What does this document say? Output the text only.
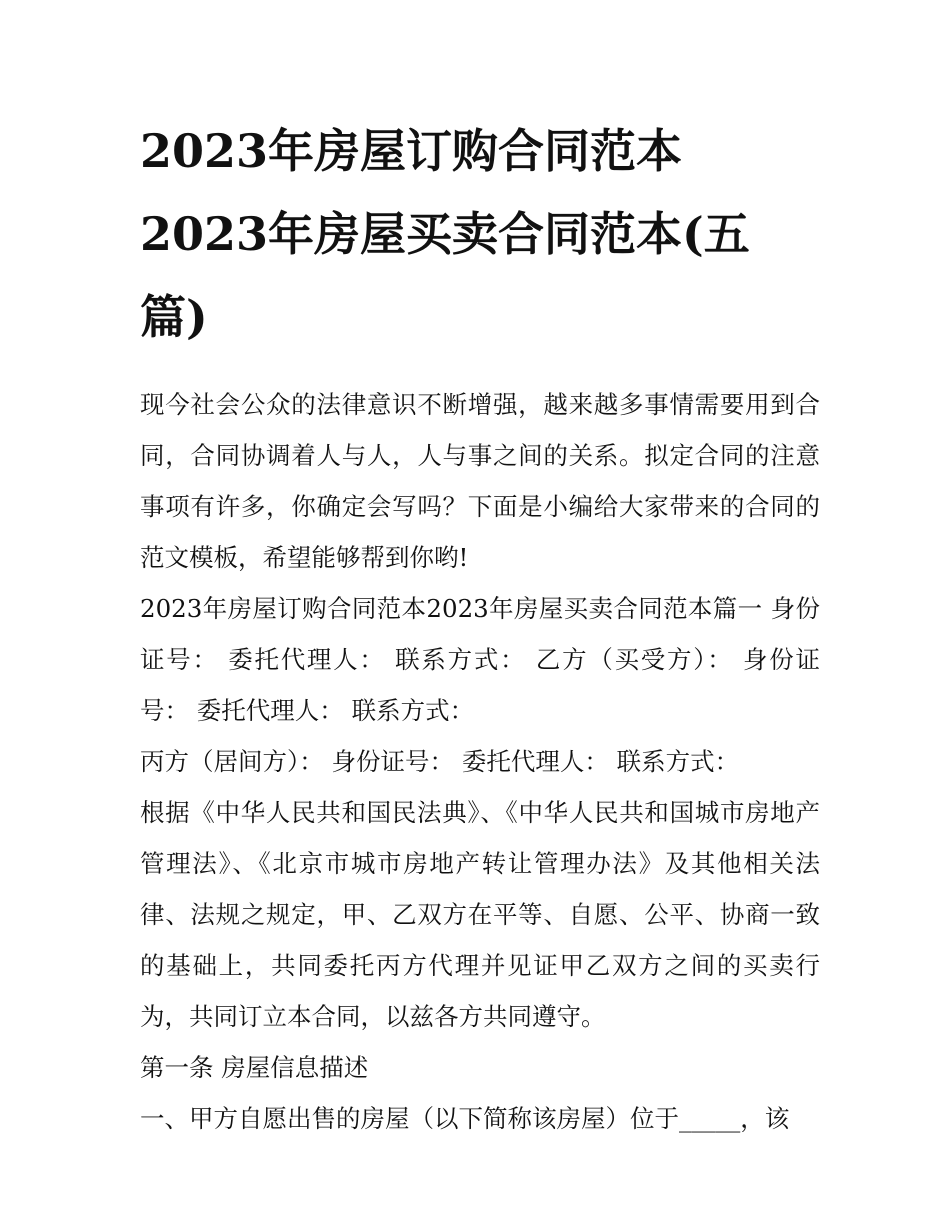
2023年房屋订购合同范本

2023年房屋买卖合同范本(五

篇)

现今社会公众的法律意识不断增强，越来越多事情需要用到合同，合同协调着人与人，人与事之间的关系。拟定合同的注意事项有许多，你确定会写吗？下面是小编给大家带来的合同的范文模板，希望能够帮到你哟!

2023年房屋订购合同范本2023年房屋买卖合同范本篇一 身份证号： 委托代理人： 联系方式： 乙方（买受方）： 身份证号： 委托代理人： 联系方式：

丙方（居间方）： 身份证号： 委托代理人： 联系方式：

根据《中华人民共和国民法典》、《中华人民共和国城市房地产管理法》、《北京市城市房地产转让管理办法》及其他相关法律、法规之规定，甲、乙双方在平等、自愿、公平、协商一致的基础上，共同委托丙方代理并见证甲乙双方之间的买卖行为，共同订立本合同，以兹各方共同遵守。

第一条 房屋信息描述

一、甲方自愿出售的房屋（以下简称该房屋）位于_____，该
